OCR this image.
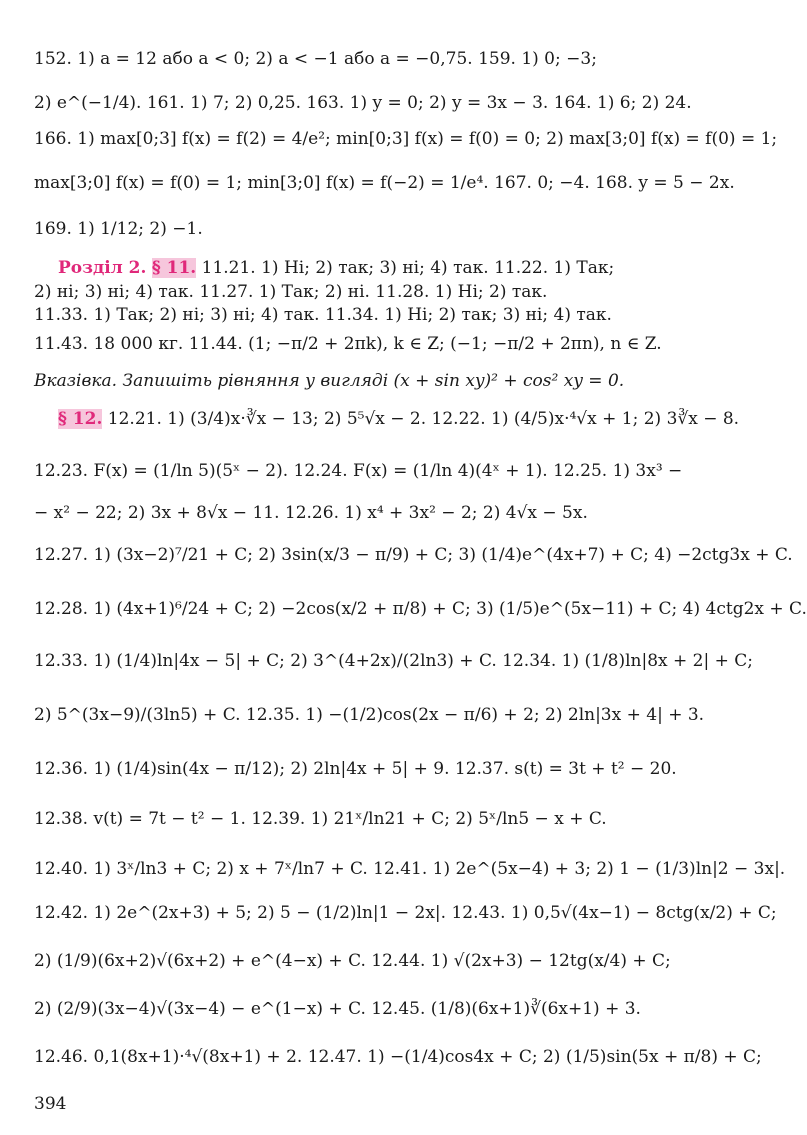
152. 1) a = 12 або a < 0; 2) a < −1 або a = −0,75. 159. 1) 0; −3;
2) e^(−1/4). 161. 1) 7; 2) 0,25. 163. 1) y = 0; 2) y = 3x − 3. 164. 1) 6; 2) 24.
166. 1) max[0;3] f(x) = f(2) = 4/e²; min[0;3] f(x) = f(0) = 0; 2) max[3;0] f(x) = f(0) = 1;
max[3;0] f(x) = f(0) = 1; min[3;0] f(x) = f(−2) = 1/e⁴. 167. 0; −4. 168. y = 5 − 2x.
169. 1) 1/12; 2) −1.
Розділ 2. § 11. 11.21. 1) Ні; 2) так; 3) ні; 4) так. 11.22. 1) Так;
2) ні; 3) ні; 4) так. 11.27. 1) Так; 2) ні. 11.28. 1) Ні; 2) так.
11.33. 1) Так; 2) ні; 3) ні; 4) так. 11.34. 1) Ні; 2) так; 3) ні; 4) так.
11.43. 18 000 кг. 11.44. (1; −π/2 + 2πk), k ∈ Z; (−1; −π/2 + 2πn), n ∈ Z.
Вказівка. Запишіть рівняння у вигляді (x + sin xy)² + cos² xy = 0.
§ 12. 12.21. 1) (3/4)x·∛x − 13; 2) 5⁵√x − 2. 12.22. 1) (4/5)x·⁴√x + 1; 2) 3∛x − 8.
12.23. F(x) = (1/ln 5)(5ˣ − 2). 12.24. F(x) = (1/ln 4)(4ˣ + 1). 12.25. 1) 3x³ −
− x² − 22; 2) 3x + 8√x − 11. 12.26. 1) x⁴ + 3x² − 2; 2) 4√x − 5x.
12.27. 1) (3x−2)⁷/21 + C; 2) 3sin(x/3 − π/9) + C; 3) (1/4)e^(4x+7) + C; 4) −2ctg3x + C.
12.28. 1) (4x+1)⁶/24 + C; 2) −2cos(x/2 + π/8) + C; 3) (1/5)e^(5x−11) + C; 4) 4ctg2x + C.
12.33. 1) (1/4)ln|4x − 5| + C; 2) 3^(4+2x)/(2ln3) + C. 12.34. 1) (1/8)ln|8x + 2| + C;
2) 5^(3x−9)/(3ln5) + C. 12.35. 1) −(1/2)cos(2x − π/6) + 2; 2) 2ln|3x + 4| + 3.
12.36. 1) (1/4)sin(4x − π/12); 2) 2ln|4x + 5| + 9. 12.37. s(t) = 3t + t² − 20.
12.38. v(t) = 7t − t² − 1. 12.39. 1) 21ˣ/ln21 + C; 2) 5ˣ/ln5 − x + C.
12.40. 1) 3ˣ/ln3 + C; 2) x + 7ˣ/ln7 + C. 12.41. 1) 2e^(5x−4) + 3; 2) 1 − (1/3)ln|2 − 3x|.
12.42. 1) 2e^(2x+3) + 5; 2) 5 − (1/2)ln|1 − 2x|. 12.43. 1) 0,5√(4x−1) − 8ctg(x/2) + C;
2) (1/9)(6x+2)√(6x+2) + e^(4−x) + C. 12.44. 1) √(2x+3) − 12tg(x/4) + C;
2) (2/9)(3x−4)√(3x−4) − e^(1−x) + C. 12.45. (1/8)(6x+1)∛(6x+1) + 3.
12.46. 0,1(8x+1)·⁴√(8x+1) + 2. 12.47. 1) −(1/4)cos4x + C; 2) (1/5)sin(5x + π/8) + C;
394
